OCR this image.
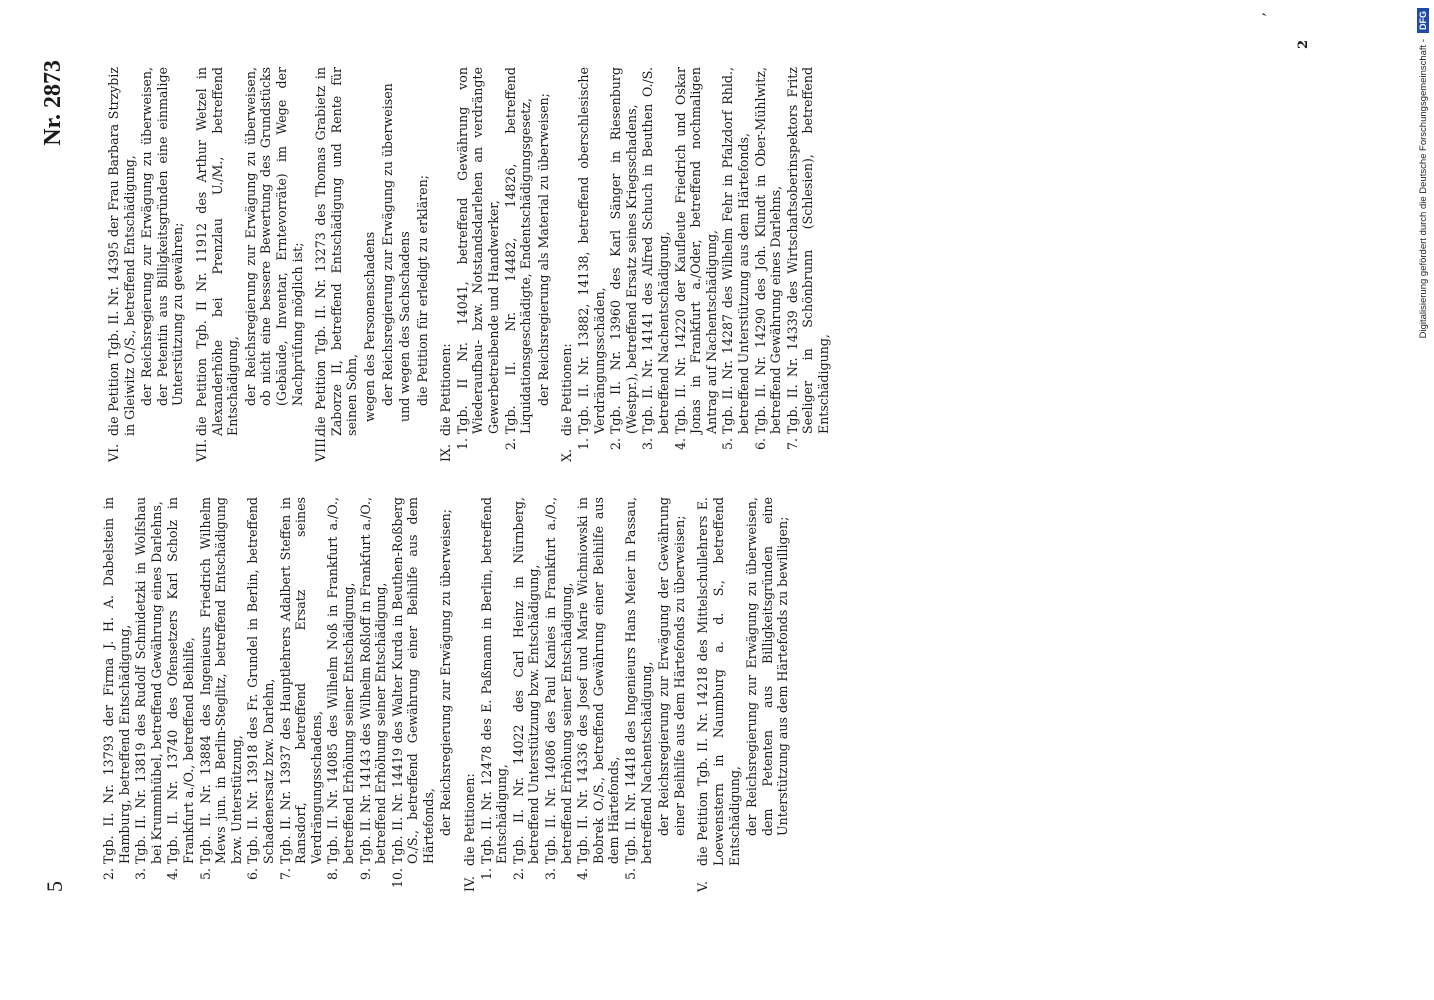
5
Nr. 2873
2.
Tgb. II. Nr. 13793 der Firma J. H. A. Dabelstein in Hamburg, betreffend Entschädigung,
3.
Tgb. II. Nr. 13819 des Rudolf Schmidetzki in Wolfshau bei Krummhübel, betreffend Gewährung eines Darlehns,
4.
Tgb. II. Nr. 13740 des Ofensetzers Karl Scholz in Frankfurt a./O., betreffend Beihilfe,
5.
Tgb. II. Nr. 13884 des Ingenieurs Friedrich Wilhelm Mews jun. in Berlin-Steglitz, betreffend Entschädigung bzw. Unterstützung,
6.
Tgb. II. Nr. 13918 des Fr. Grundel in Berlin, betreffend Schadenersatz bzw. Darlehn,
7.
Tgb. II. Nr. 13937 des Hauptlehrers Adalbert Steffen in Ransdorf, betreffend Ersatz seines Verdrängungsschadens,
8.
Tgb. II. Nr. 14085 des Wilhelm Noß in Frankfurt a./O., betreffend Erhöhung seiner Entschädigung,
9.
Tgb. II. Nr. 14143 des Wilhelm Roßloff in Frankfurt a./O., betreffend Erhöhung seiner Entschädigung,
10.
Tgb. II. Nr. 14419 des Walter Kurda in Beuthen-Roßberg O./S., betreffend Gewährung einer Beihilfe aus dem Härtefonds, der Reichsregierung zur Erwägung zu überweisen;
IV.
die Petitionen:
1.
Tgb. II. Nr. 12478 des E. Paßmann in Berlin, betreffend Entschädigung,
2.
Tgb. II. Nr. 14022 des Carl Heinz in Nürnberg, betreffend Unterstützung bzw. Entschädigung,
3.
Tgb. II. Nr. 14086 des Paul Kanies in Frankfurt a./O., betreffend Erhöhung seiner Entschädigung,
4.
Tgb. II. Nr. 14336 des Josef und Marie Wichniowski in Bobrek O./S., betreffend Gewährung einer Beihilfe aus dem Härtefonds,
5.
Tgb. II. Nr. 14418 des Ingenieurs Hans Meier in Passau, betreffend Nachentschädigung, der Reichsregierung zur Erwägung der Gewährung einer Beihilfe aus dem Härtefonds zu überweisen;
V.
die Petition Tgb. II. Nr. 14218 des Mittelschullehrers E. Loewenstern in Naumburg a. d. S., betreffend Entschädigung, der Reichsregierung zur Erwägung zu überweisen, dem Petenten aus Billigkeitsgründen eine Unterstützung aus dem Härtefonds zu bewilligen;
VI.
die Petition Tgb. II. Nr. 14395 der Frau Barbara Strzybiz in Gleiwitz O./S., betreffend Entschädigung, der Reichsregierung zur Erwägung zu überweisen, der Petentin aus Billigkeitsgründen eine einmalige Unterstützung zu gewähren;
VII.
die Petition Tgb. II Nr. 11912 des Arthur Wetzel in Alexanderhöhe bei Prenzlau U./M., betreffend Entschädigung, der Reichsregierung zur Erwägung zu überweisen, ob nicht eine bessere Bewertung des Grundstücks (Gebäude, Inventar, Erntevorräte) im Wege der Nachprüfung möglich ist;
VIII.
die Petition Tgb. II. Nr. 13273 des Thomas Grabietz in Zaborze II, betreffend Entschädigung und Rente für seinen Sohn, wegen des Personenschadens der Reichsregierung zur Erwägung zu überweisen und wegen des Sachschadens die Petition für erledigt zu erklären;
IX.
die Petitionen:
1.
Tgb. II Nr. 14041, betreffend Gewährung von Wiederaufbau- bzw. Notstandsdarlehen an verdrängte Gewerbetreibende und Handwerker,
2.
Tgb. II. Nr. 14482, 14826, betreffend Liquidationsgeschädigte, Endentschädigungsgesetz, der Reichsregierung als Material zu überweisen;
X.
die Petitionen:
1.
Tgb. II. Nr. 13882, 14138, betreffend oberschlesische Verdrängungsschäden,
2.
Tgb. II. Nr. 13960 des Karl Sänger in Riesenburg (Westpr.), betreffend Ersatz seines Kriegsschadens,
3.
Tgb. II. Nr. 14141 des Alfred Schuch in Beuthen O./S. betreffend Nachentschädigung,
4.
Tgb. II. Nr. 14220 der Kaufleute Friedrich und Oskar Jonas in Frankfurt a./Oder, betreffend nochmaligen Antrag auf Nachentschädigung,
5.
Tgb. II. Nr. 14287 des Wilhelm Fehr in Pfalzdorf Rhld., betreffend Unterstützung aus dem Härtefonds,
6.
Tgb. II. Nr. 14290 des Joh. Klundt in Ober-Mühlwitz, betreffend Gewährung eines Darlehns,
7.
Tgb. II. Nr. 14339 des Wirtschaftsoberinspektors Fritz Seeliger in Schönbrunn (Schlesien), betreffend Entschädigung,
,
2	Digitalisierung gefördert durch die Deutsche Forschungsgemeinschaft -
DFG
